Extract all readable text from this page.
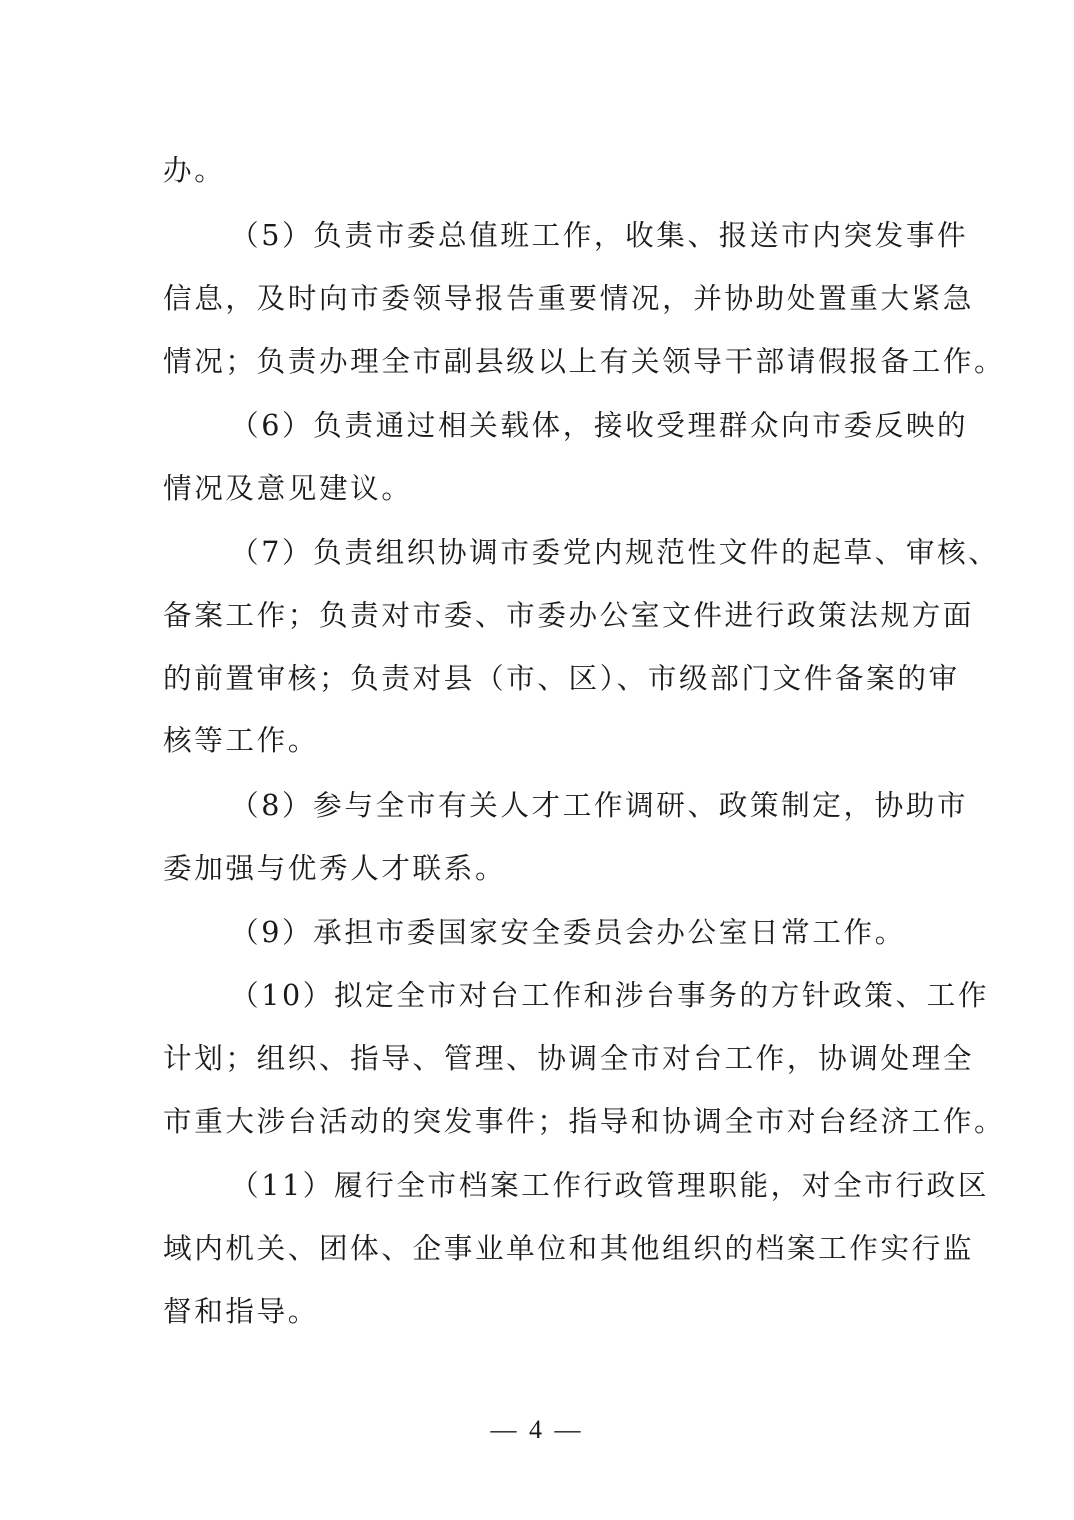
办。
（5）负责市委总值班工作，收集、报送市内突发事件
信息，及时向市委领导报告重要情况，并协助处置重大紧急
情况；负责办理全市副县级以上有关领导干部请假报备工作。
（6）负责通过相关载体，接收受理群众向市委反映的
情况及意见建议。
（7）负责组织协调市委党内规范性文件的起草、审核、
备案工作；负责对市委、市委办公室文件进行政策法规方面
的前置审核；负责对县（市、区）、市级部门文件备案的审
核等工作。
（8）参与全市有关人才工作调研、政策制定，协助市
委加强与优秀人才联系。
（9）承担市委国家安全委员会办公室日常工作。
（10）拟定全市对台工作和涉台事务的方针政策、工作
计划；组织、指导、管理、协调全市对台工作，协调处理全
市重大涉台活动的突发事件；指导和协调全市对台经济工作。
（11）履行全市档案工作行政管理职能，对全市行政区
域内机关、团体、企事业单位和其他组织的档案工作实行监
督和指导。
— 4 —
